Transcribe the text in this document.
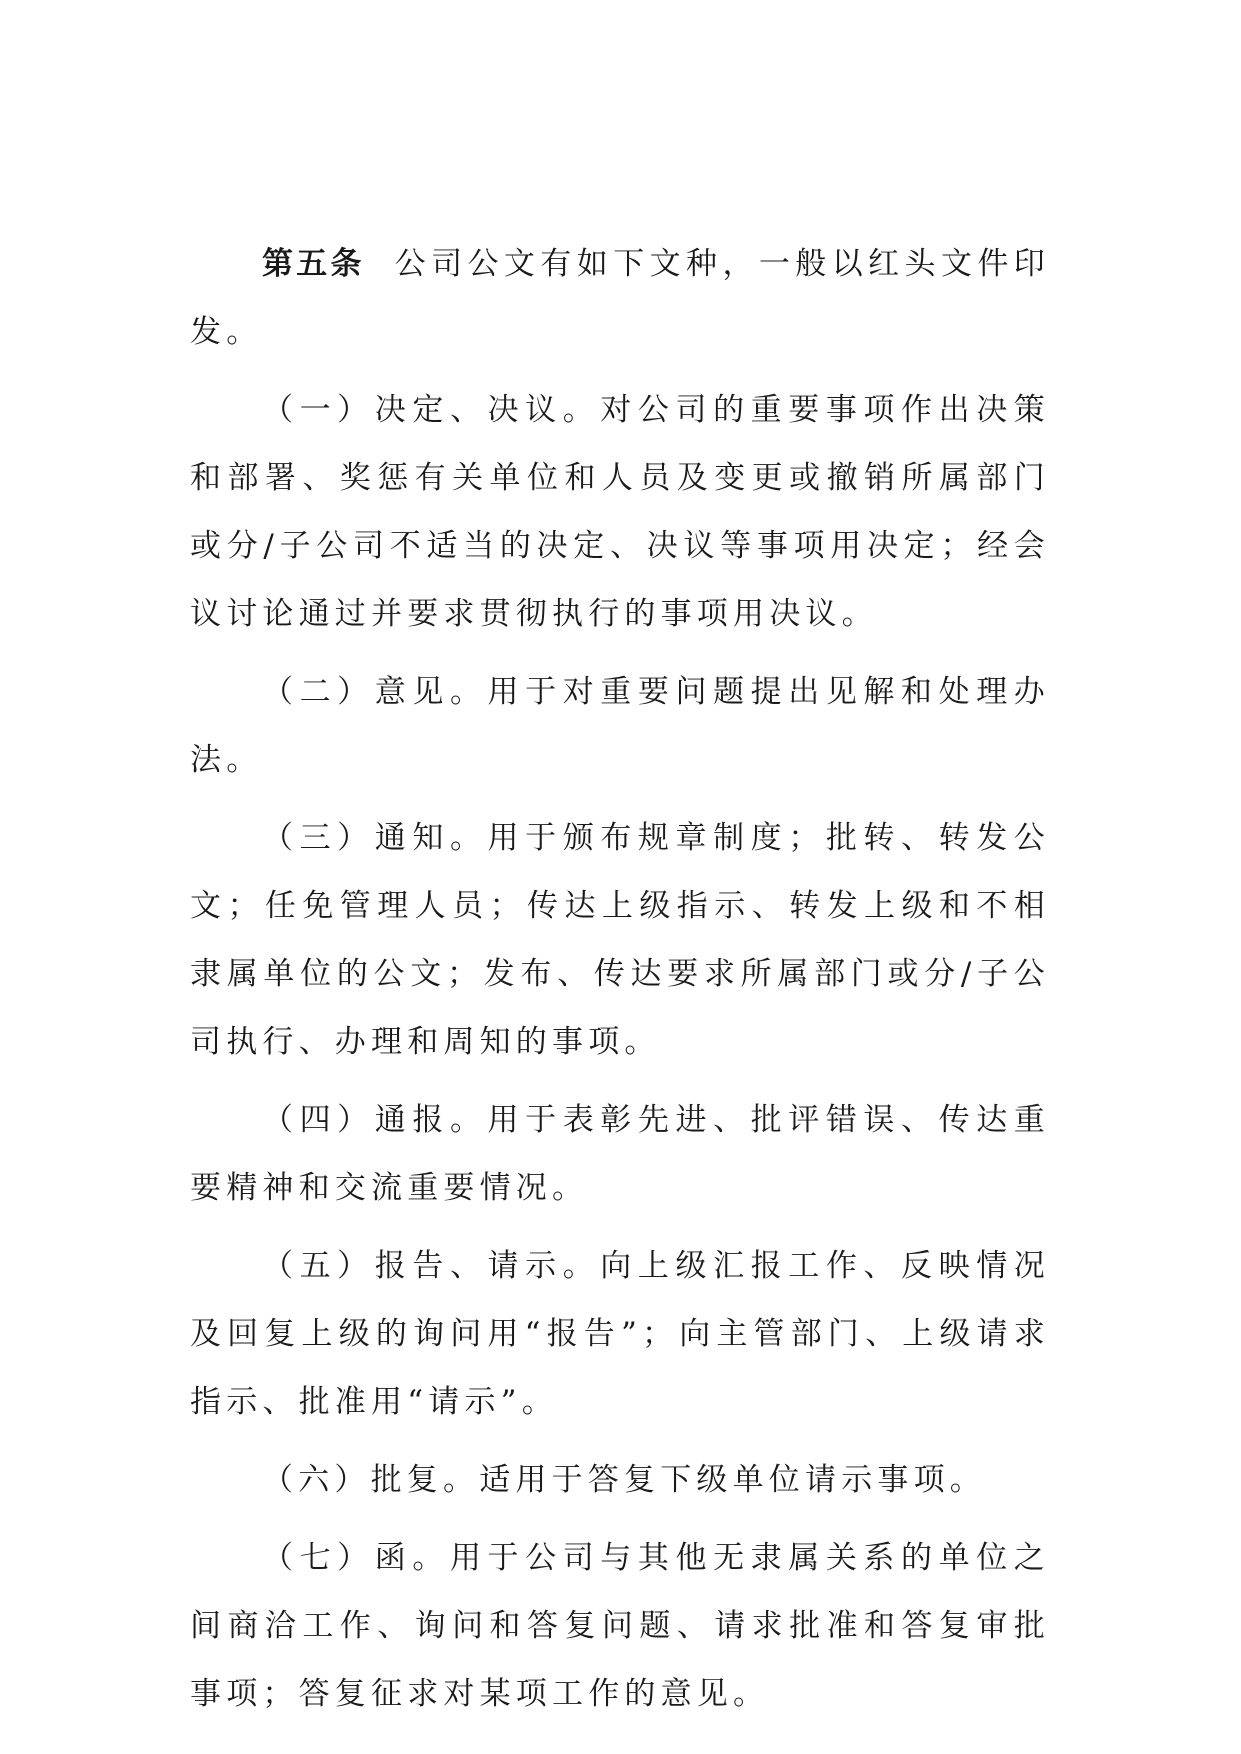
第五条 公司公文有如下文种，一般以红头文件印发。

（一）决定、决议。对公司的重要事项作出决策和部署、奖惩有关单位和人员及变更或撤销所属部门或分/子公司不适当的决定、决议等事项用决定；经会议讨论通过并要求贯彻执行的事项用决议。

（二）意见。用于对重要问题提出见解和处理办法。

（三）通知。用于颁布规章制度；批转、转发公文；任免管理人员；传达上级指示、转发上级和不相隶属单位的公文；发布、传达要求所属部门或分/子公司执行、办理和周知的事项。

（四）通报。用于表彰先进、批评错误、传达重要精神和交流重要情况。

（五）报告、请示。向上级汇报工作、反映情况及回复上级的询问用“报告”；向主管部门、上级请求指示、批准用“请示”。

（六）批复。适用于答复下级单位请示事项。

（七）函。用于公司与其他无隶属关系的单位之间商洽工作、询问和答复问题、请求批准和答复审批事项；答复征求对某项工作的意见。
